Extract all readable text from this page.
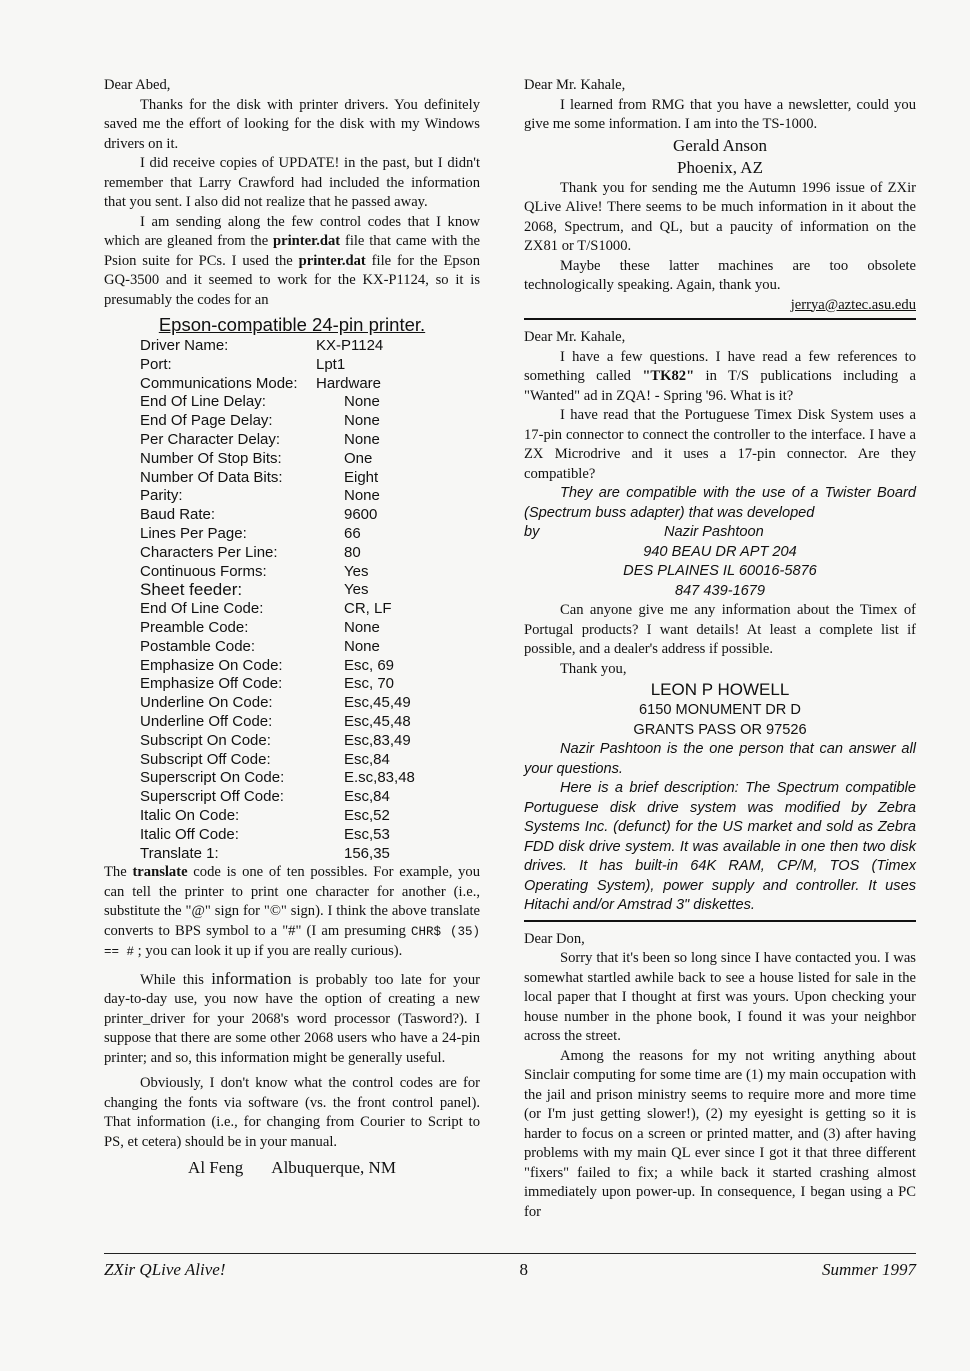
Dear Abed,

Thanks for the disk with printer drivers. You definitely saved me the effort of looking for the disk with my Windows drivers on it.

I did receive copies of UPDATE! in the past, but I didn't remember that Larry Crawford had included the information that you sent. I also did not realize that he passed away.

I am sending along the few control codes that I know which are gleaned from the printer.dat file that came with the Psion suite for PCs. I used the printer.dat file for the Epson GQ-3500 and it seemed to work for the KX-P1124, so it is presumably the codes for an

Epson-compatible 24-pin printer.
Driver Name:	KX-P1124
Port:	Lpt1
Communications Mode:	Hardware
End Of Line Delay:	None
End Of Page Delay:	None
Per Character Delay:	None
Number Of Stop Bits:	One
Number Of Data Bits:	Eight
Parity:	None
Baud Rate:	9600
Lines Per Page:	66
Characters Per Line:	80
Continuous Forms:	Yes
Sheet feeder:	Yes
End Of Line Code:	CR, LF
Preamble Code:	None
Postamble Code:	None
Emphasize On Code:	Esc, 69
Emphasize Off Code:	Esc, 70
Underline On Code:	Esc,45,49
Underline Off Code:	Esc,45,48
Subscript On Code:	Esc,83,49
Subscript Off Code:	Esc,84
Superscript On Code:	E.sc,83,48
Superscript Off Code:	Esc,84
Italic On Code:	Esc,52
Italic Off Code:	Esc,53
Translate 1:	156,35

The translate code is one of ten possibles. For example, you can tell the printer to print one character for another (i.e., substitute the "@" sign for "©" sign). I think the above translate converts to BPS symbol to a "#" (I am presuming CHR$ (35) == # ; you can look it up if you are really curious).

While this information is probably too late for your day-to-day use, you now have the option of creating a new printer_driver for your 2068's word processor (Tasword?). I suppose that there are some other 2068 users who have a 24-pin printer; and so, this information might be generally useful.

Obviously, I don't know what the control codes are for changing the fonts via software (vs. the front control panel). That information (i.e., for changing from Courier to Script to PS, et cetera) should be in your manual.

Al Feng Albuquerque, NM

Dear Mr. Kahale,

I learned from RMG that you have a newsletter, could you give me some information. I am into the TS-1000.

Gerald Anson
Phoenix, AZ

Thank you for sending me the Autumn 1996 issue of ZXir QLive Alive! There seems to be much information in it about the 2068, Spectrum, and QL, but a paucity of information on the ZX81 or T/S1000.

Maybe these latter machines are too obsolete technologically speaking. Again, thank you.

jerrya@aztec.asu.edu

Dear Mr. Kahale,

I have a few questions. I have read a few references to something called "TK82" in T/S publications including a "Wanted" ad in ZQA! - Spring '96. What is it?

I have read that the Portuguese Timex Disk System uses a 17-pin connector to connect the controller to the interface. I have a ZX Microdrive and it uses a 17-pin connector. Are they compatible?

They are compatible with the use of a Twister Board (Spectrum buss adapter) that was developed

by	Nazir Pashtoon

940 BEAU DR APT 204

DES PLAINES IL 60016-5876

847 439-1679

Can anyone give me any information about the Timex of Portugal products? I want details! At least a complete list if possible, and a dealer's address if possible.

Thank you,

LEON P HOWELL

6150 MONUMENT DR D

GRANTS PASS OR 97526

Nazir Pashtoon is the one person that can answer all your questions.

Here is a brief description: The Spectrum compatible Portuguese disk drive system was modified by Zebra Systems Inc. (defunct) for the US market and sold as Zebra FDD disk drive system. It was available in one then two disk drives. It has built-in 64K RAM, CP/M, TOS (Timex Operating System), power supply and controller. It uses Hitachi and/or Amstrad 3" diskettes.

Dear Don,

Sorry that it's been so long since I have contacted you. I was somewhat startled awhile back to see a house listed for sale in the local paper that I thought at first was yours. Upon checking your house number in the phone book, I found it was your neighbor across the street.

Among the reasons for my not writing anything about Sinclair computing for some time are (1) my main occupation with the jail and prison ministry seems to require more and more time (or I'm just getting slower!), (2) my eyesight is getting so it is harder to focus on a screen or printed matter, and (3) after having problems with my main QL ever since I got it that three different "fixers" failed to fix; a while back it started crashing almost immediately upon power-up. In consequence, I began using a PC for

ZXir QLive Alive!	8	Summer 1997
